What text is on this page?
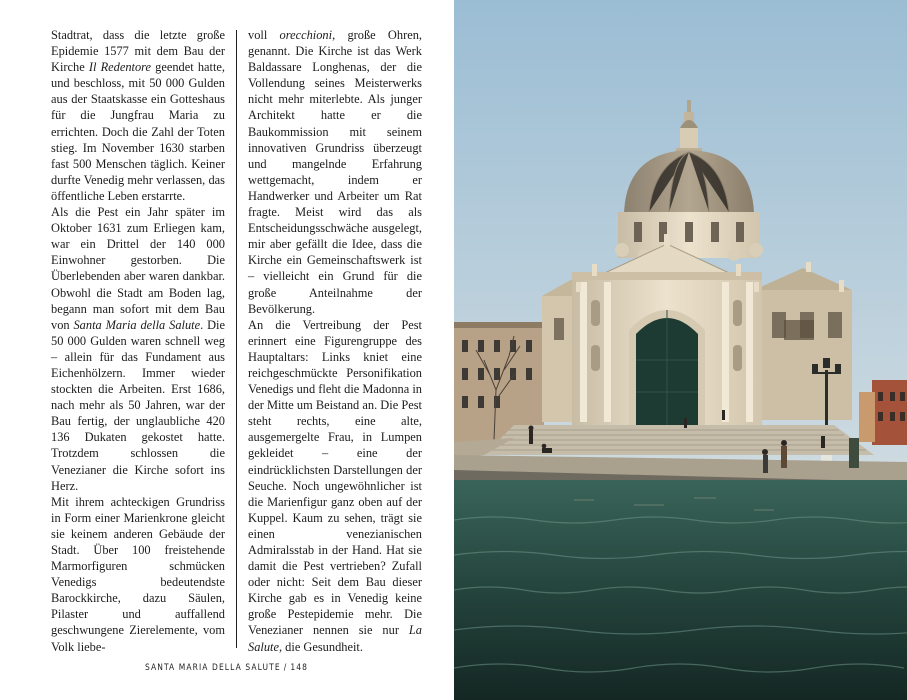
Stadtrat, dass die letzte große Epidemie 1577 mit dem Bau der Kirche Il Redentore geendet hatte, und beschloss, mit 50 000 Gulden aus der Staatskasse ein Gotteshaus für die Jungfrau Maria zu errichten. Doch die Zahl der Toten stieg. Im November 1630 starben fast 500 Menschen täglich. Keiner durfte Venedig mehr verlassen, das öffentliche Leben erstarrte.

Als die Pest ein Jahr später im Oktober 1631 zum Erliegen kam, war ein Drittel der 140 000 Einwohner gestorben. Die Überlebenden aber waren dankbar. Obwohl die Stadt am Boden lag, begann man sofort mit dem Bau von Santa Maria della Salute. Die 50 000 Gulden waren schnell weg – allein für das Fundament aus Eichenhölzern. Immer wieder stockten die Arbeiten. Erst 1686, nach mehr als 50 Jahren, war der Bau fertig, der unglaubliche 420 136 Dukaten gekostet hatte. Trotzdem schlossen die Venezianer die Kirche sofort ins Herz.

Mit ihrem achteckigen Grundriss in Form einer Marienkrone gleicht sie keinem anderen Gebäude der Stadt. Über 100 freistehende Marmorfiguren schmücken Venedigs bedeutendste Barockkirche, dazu Säulen, Pilaster und auffallend geschwungene Zierelemente, vom Volk liebe-

voll orecchioni, große Ohren, genannt. Die Kirche ist das Werk Baldassare Longhenas, der die Vollendung seines Meisterwerks nicht mehr miterlebte. Als junger Architekt hatte er die Baukommission mit seinem innovativen Grundriss überzeugt und mangelnde Erfahrung wettgemacht, indem er Handwerker und Arbeiter um Rat fragte. Meist wird das als Entscheidungsschwäche ausgelegt, mir aber gefällt die Idee, dass die Kirche ein Gemeinschaftswerk ist – vielleicht ein Grund für die große Anteilnahme der Bevölkerung.

An die Vertreibung der Pest erinnert eine Figurengruppe des Hauptaltars: Links kniet eine reichgeschmückte Personifikation Venedigs und fleht die Madonna in der Mitte um Beistand an. Die Pest steht rechts, eine alte, ausgemergelte Frau, in Lumpen gekleidet – eine der eindrücklichsten Darstellungen der Seuche. Noch ungewöhnlicher ist die Marienfigur ganz oben auf der Kuppel. Kaum zu sehen, trägt sie einen venezianischen Admiralsstab in der Hand. Hat sie damit die Pest vertrieben? Zufall oder nicht: Seit dem Bau dieser Kirche gab es in Venedig keine große Pestepidemie mehr. Die Venezianer nennen sie nur La Salute, die Gesundheit.

SANTA MARIA DELLA SALUTE / 148
